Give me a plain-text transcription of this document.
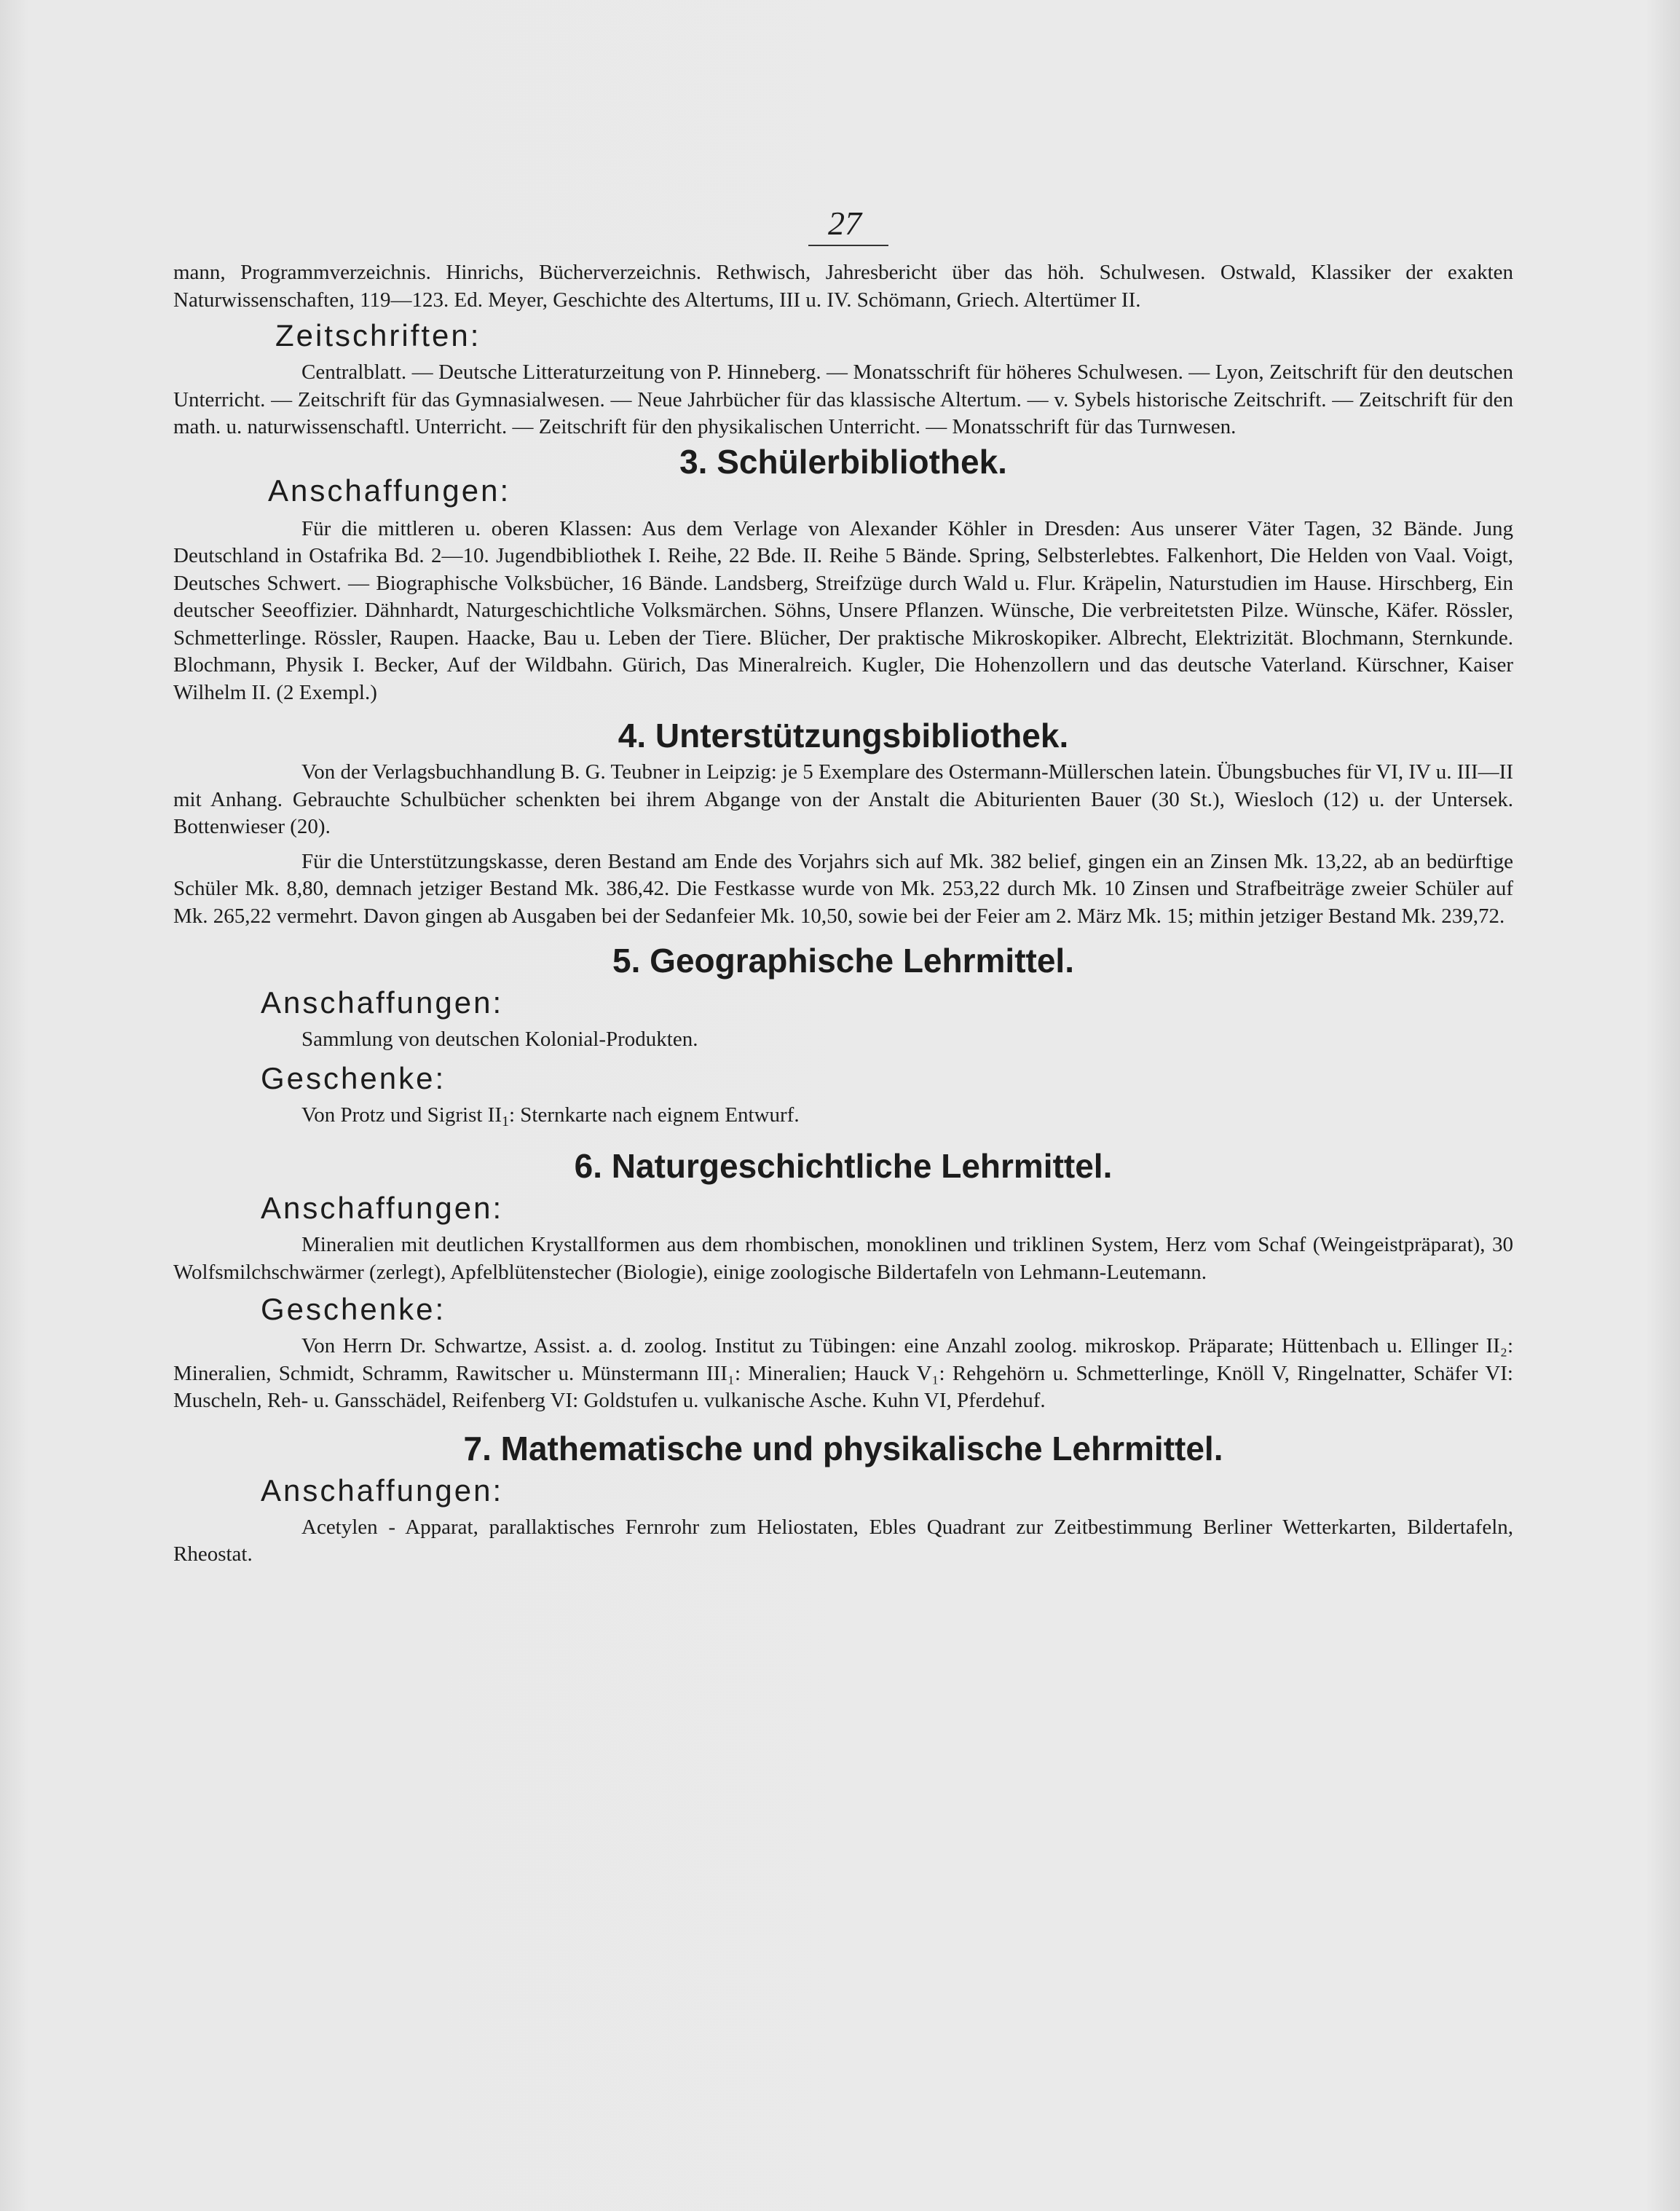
27

mann, Programmverzeichnis. Hinrichs, Bücherverzeichnis. Rethwisch, Jahresbericht über das höh. Schulwesen. Ostwald, Klassiker der exakten Naturwissenschaften, 119—123. Ed. Meyer, Geschichte des Altertums, III u. IV. Schömann, Griech. Altertümer II.

Zeitschriften:

Centralblatt. — Deutsche Litteraturzeitung von P. Hinneberg. — Monatsschrift für höheres Schulwesen. — Lyon, Zeitschrift für den deutschen Unterricht. — Zeitschrift für das Gymnasialwesen. — Neue Jahrbücher für das klassische Altertum. — v. Sybels historische Zeitschrift. — Zeitschrift für den math. u. naturwissenschaftl. Unterricht. — Zeitschrift für den physikalischen Unterricht. — Monatsschrift für das Turnwesen.

3. Schülerbibliothek.
Anschaffungen:

Für die mittleren u. oberen Klassen: Aus dem Verlage von Alexander Köhler in Dresden: Aus unserer Väter Tagen, 32 Bände. Jung Deutschland in Ostafrika Bd. 2—10. Jugendbibliothek I. Reihe, 22 Bde. II. Reihe 5 Bände. Spring, Selbsterlebtes. Falkenhort, Die Helden von Vaal. Voigt, Deutsches Schwert. — Biographische Volksbücher, 16 Bände. Landsberg, Streifzüge durch Wald u. Flur. Kräpelin, Naturstudien im Hause. Hirschberg, Ein deutscher Seeoffizier. Dähnhardt, Naturgeschichtliche Volksmärchen. Söhns, Unsere Pflanzen. Wünsche, Die verbreitetsten Pilze. Wünsche, Käfer. Rössler, Schmetterlinge. Rössler, Raupen. Haacke, Bau u. Leben der Tiere. Blücher, Der praktische Mikroskopiker. Albrecht, Elektrizität. Blochmann, Sternkunde. Blochmann, Physik I. Becker, Auf der Wildbahn. Gürich, Das Mineralreich. Kugler, Die Hohenzollern und das deutsche Vaterland. Kürschner, Kaiser Wilhelm II. (2 Exempl.)

4. Unterstützungsbibliothek.

Von der Verlagsbuchhandlung B. G. Teubner in Leipzig: je 5 Exemplare des Ostermann-Müllerschen latein. Übungsbuches für VI, IV u. III—II mit Anhang. Gebrauchte Schulbücher schenkten bei ihrem Abgange von der Anstalt die Abiturienten Bauer (30 St.), Wiesloch (12) u. der Untersek. Bottenwieser (20).

Für die Unterstützungskasse, deren Bestand am Ende des Vorjahrs sich auf Mk. 382 belief, gingen ein an Zinsen Mk. 13,22, ab an bedürftige Schüler Mk. 8,80, demnach jetziger Bestand Mk. 386,42. Die Festkasse wurde von Mk. 253,22 durch Mk. 10 Zinsen und Strafbeiträge zweier Schüler auf Mk. 265,22 vermehrt. Davon gingen ab Ausgaben bei der Sedanfeier Mk. 10,50, sowie bei der Feier am 2. März Mk. 15; mithin jetziger Bestand Mk. 239,72.

5. Geographische Lehrmittel.
Anschaffungen:

Sammlung von deutschen Kolonial-Produkten.

Geschenke:

Von Protz und Sigrist $II_1$: Sternkarte nach eignem Entwurf.

6. Naturgeschichtliche Lehrmittel.
Anschaffungen:

Mineralien mit deutlichen Krystallformen aus dem rhombischen, monoklinen und triklinen System, Herz vom Schaf (Weingeistpräparat), 30 Wolfsmilchschwärmer (zerlegt), Apfelblütenstecher (Biologie), einige zoologische Bildertafeln von Lehmann-Leutemann.

Geschenke:

Von Herrn Dr. Schwartze, Assist. a. d. zoolog. Institut zu Tübingen: eine Anzahl zoolog. mikroskop. Präparate; Hüttenbach u. Ellinger II₂: Mineralien, Schmidt, Schramm, Rawitscher u. Münstermann III₁: Mineralien; Hauck V₁: Rehgehörn u. Schmetterlinge, Knöll V, Ringelnatter, Schäfer VI: Muscheln, Reh- u. Gansschädel, Reifenberg VI: Goldstufen u. vulkanische Asche. Kuhn VI, Pferdehuf.

7. Mathematische und physikalische Lehrmittel.
Anschaffungen:

Acetylen - Apparat, parallaktisches Fernrohr zum Heliostaten, Ebles Quadrant zur Zeitbestimmung Berliner Wetterkarten, Bildertafeln, Rheostat.
